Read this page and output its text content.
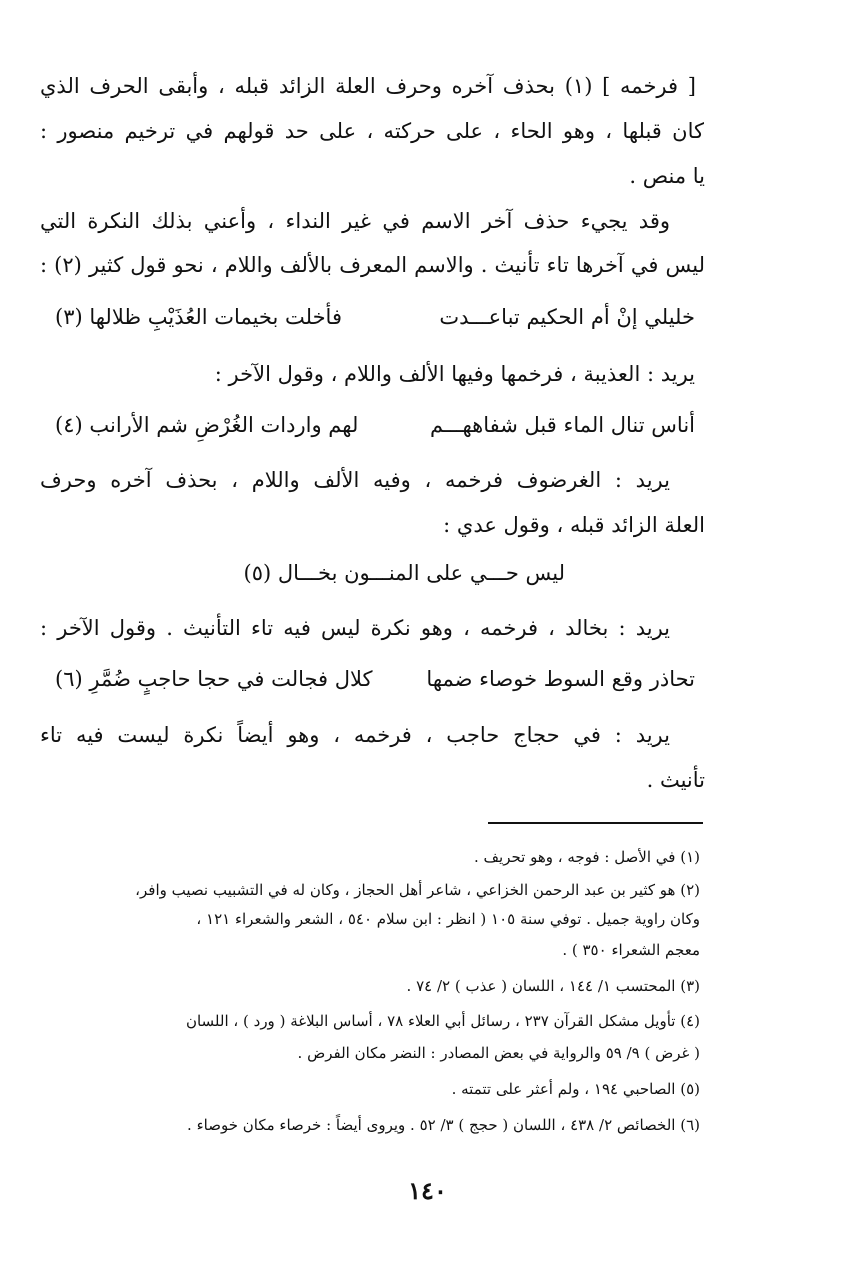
[ فرخمه ] (١) بحذف آخره وحرف العلة الزائد قبله ، وأبقى الحرف الذي
كان قبلها ، وهو الحاء ، على حركته ، على حد قولهم في ترخيم منصور :
يا منص .
وقد يجيء حذف آخر الاسم في غير النداء ، وأعني بذلك النكرة التي
ليس في آخرها تاء تأنيث . والاسم المعرف بالألف واللام ، نحو قول كثير (٢) :
خليلي إنْ أم الحكيم تباعـــدت
فأخلت بخيمات العُذَيْبِ ظلالها (٣)
يريد : العذيبة ، فرخمها وفيها الألف واللام ، وقول الآخر :
أناس تنال الماء قبل شفاههـــم
لهم واردات الغُرْضِ شم الأرانب (٤)
يريد : الغرضوف فرخمه ، وفيه الألف واللام ، بحذف آخره وحرف
العلة الزائد قبله ، وقول عدي :
ليس حـــي على المنـــون بخـــال (٥)
يريد : بخالد ، فرخمه ، وهو نكرة ليس فيه تاء التأنيث . وقول الآخر :
تحاذر وقع السوط خوصاء ضمها
كلال فجالت في حجا حاجبٍ ضُمَّرِ (٦)
يريد : في حجاج حاجب ، فرخمه ، وهو أيضاً نكرة ليست فيه تاء
تأنيث .
(١) في الأصل : فوجه ، وهو تحريف .
(٢) هو كثير بن عبد الرحمن الخزاعي ، شاعر أهل الحجاز ، وكان له في التشبيب نصيب وافر،
وكان راوية جميل . توفي سنة ١٠٥ ( انظر : ابن سلام ٥٤٠ ، الشعر والشعراء ١٢١ ،
معجم الشعراء ٣٥٠ ) .
(٣) المحتسب ١/ ١٤٤ ، اللسان ( عذب ) ٢/ ٧٤ .
(٤) تأويل مشكل القرآن ٢٣٧ ، رسائل أبي العلاء ٧٨ ، أساس البلاغة ( ورد ) ، اللسان
( غرض ) ٩/ ٥٩ والرواية في بعض المصادر : النضر مكان الفرض .
(٥) الصاحبي ١٩٤ ، ولم أعثر على تتمته .
(٦) الخصائص ٢/ ٤٣٨ ، اللسان ( حجج ) ٣/ ٥٢ . ويروى أيضاً : خرصاء مكان خوصاء .
١٤٠
